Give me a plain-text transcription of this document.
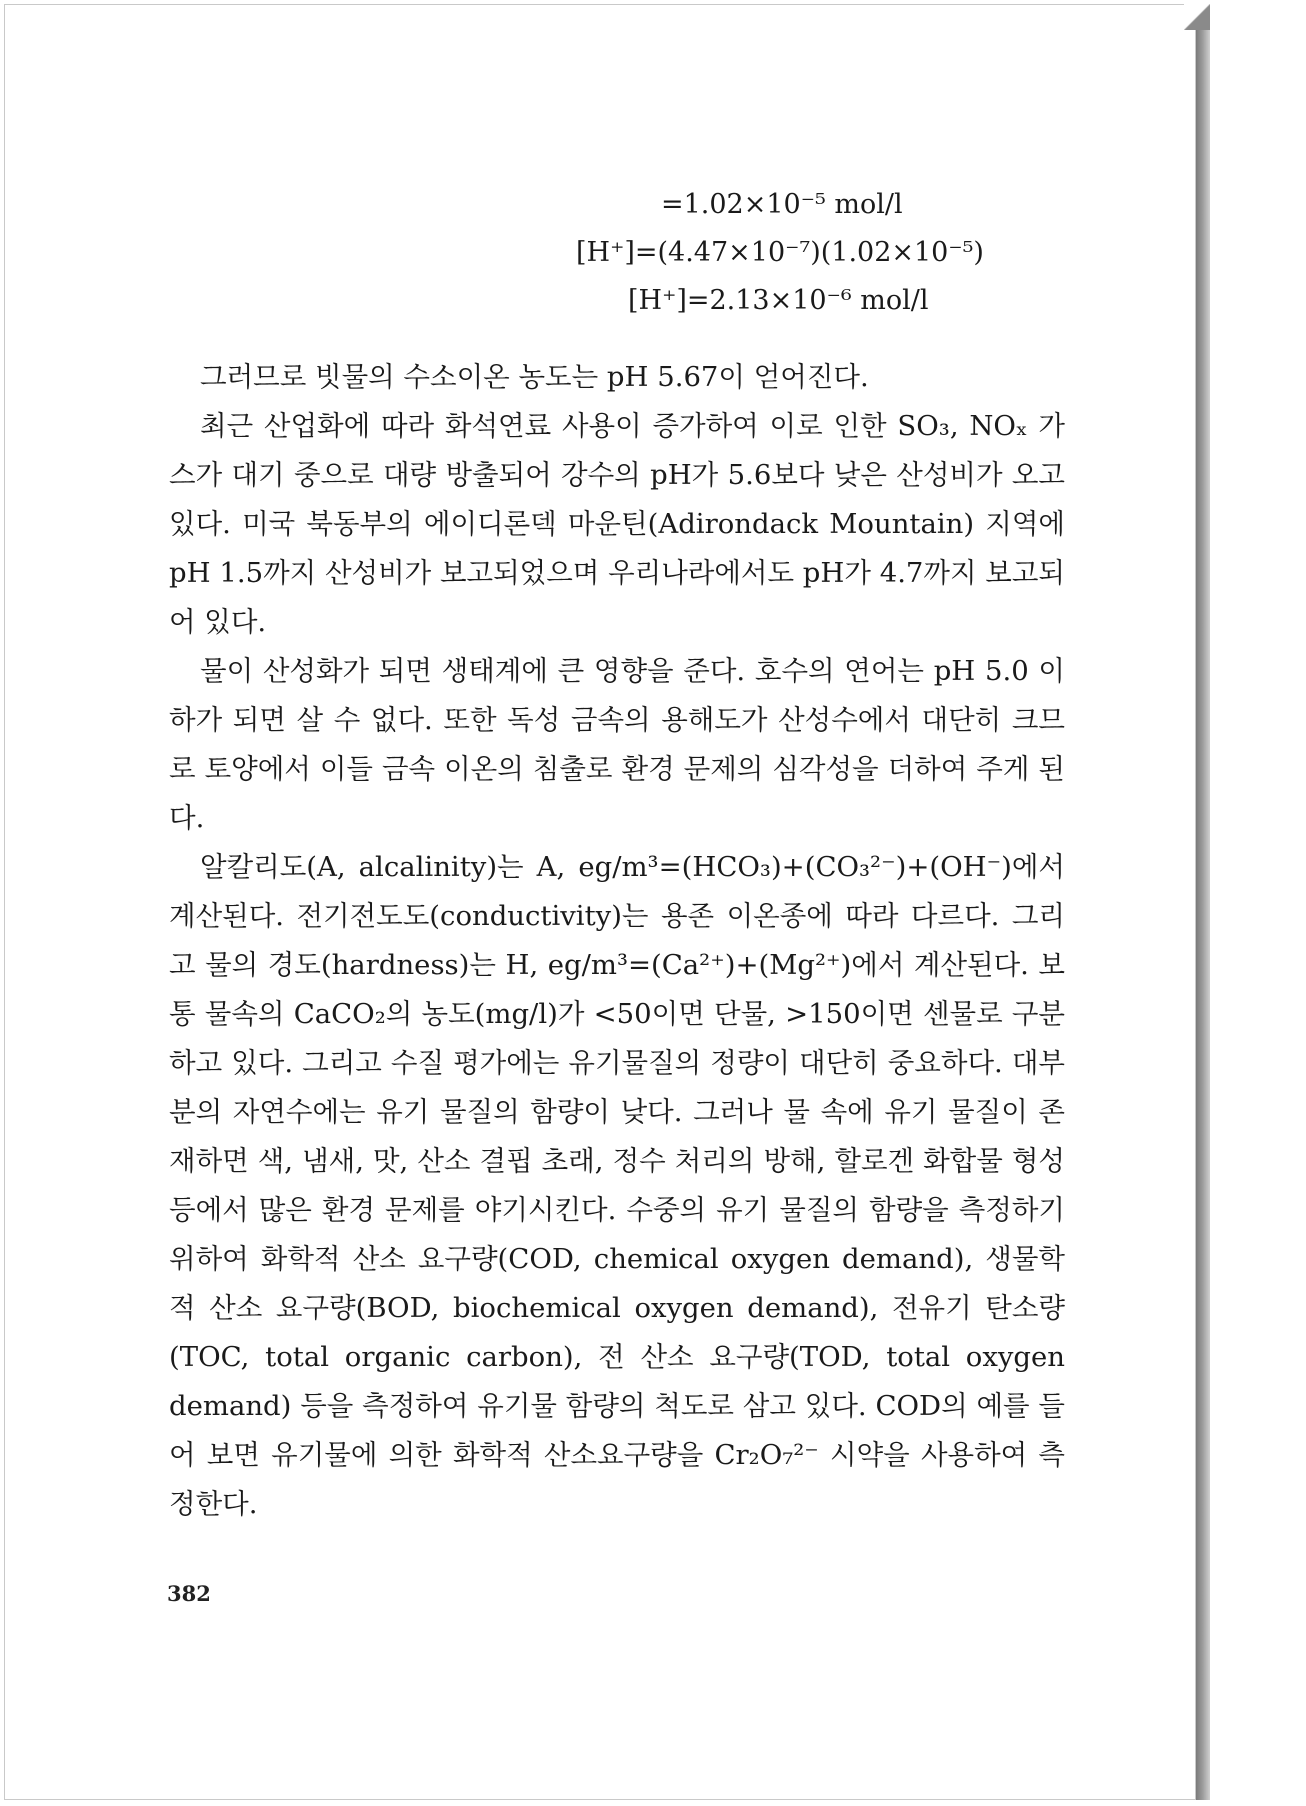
=1.02×10⁻⁵ mol/l
[H⁺]=(4.47×10⁻⁷)(1.02×10⁻⁵)
[H⁺]=2.13×10⁻⁶ mol/l

그러므로 빗물의 수소이온 농도는 pH 5.67이 얻어진다.

최근 산업화에 따라 화석연료 사용이 증가하여 이로 인한 SO₃, NOₓ 가스가 대기 중으로 대량 방출되어 강수의 pH가 5.6보다 낮은 산성비가 오고 있다. 미국 북동부의 에이디론덱 마운틴(Adirondack Mountain) 지역에 pH 1.5까지 산성비가 보고되었으며 우리나라에서도 pH가 4.7까지 보고되어 있다.

물이 산성화가 되면 생태계에 큰 영향을 준다. 호수의 연어는 pH 5.0 이하가 되면 살 수 없다. 또한 독성 금속의 용해도가 산성수에서 대단히 크므로 토양에서 이들 금속 이온의 침출로 환경 문제의 심각성을 더하여 주게 된다.

알칼리도(A, alcalinity)는 A, eg/m³=(HCO₃)+(CO₃²⁻)+(OH⁻)에서 계산된다. 전기전도도(conductivity)는 용존 이온종에 따라 다르다. 그리고 물의 경도(hardness)는 H, eg/m³=(Ca²⁺)+(Mg²⁺)에서 계산된다. 보통 물속의 CaCO₂의 농도(mg/l)가 <50이면 단물, >150이면 센물로 구분하고 있다. 그리고 수질 평가에는 유기물질의 정량이 대단히 중요하다. 대부분의 자연수에는 유기 물질의 함량이 낮다. 그러나 물 속에 유기 물질이 존재하면 색, 냄새, 맛, 산소 결핍 초래, 정수 처리의 방해, 할로겐 화합물 형성 등에서 많은 환경 문제를 야기시킨다. 수중의 유기 물질의 함량을 측정하기 위하여 화학적 산소 요구량(COD, chemical oxygen demand), 생물학적 산소 요구량(BOD, biochemical oxygen demand), 전유기 탄소량(TOC, total organic carbon), 전 산소 요구량(TOD, total oxygen demand) 등을 측정하여 유기물 함량의 척도로 삼고 있다. COD의 예를 들어 보면 유기물에 의한 화학적 산소요구량을 Cr₂O₇²⁻ 시약을 사용하여 측정한다.

382
